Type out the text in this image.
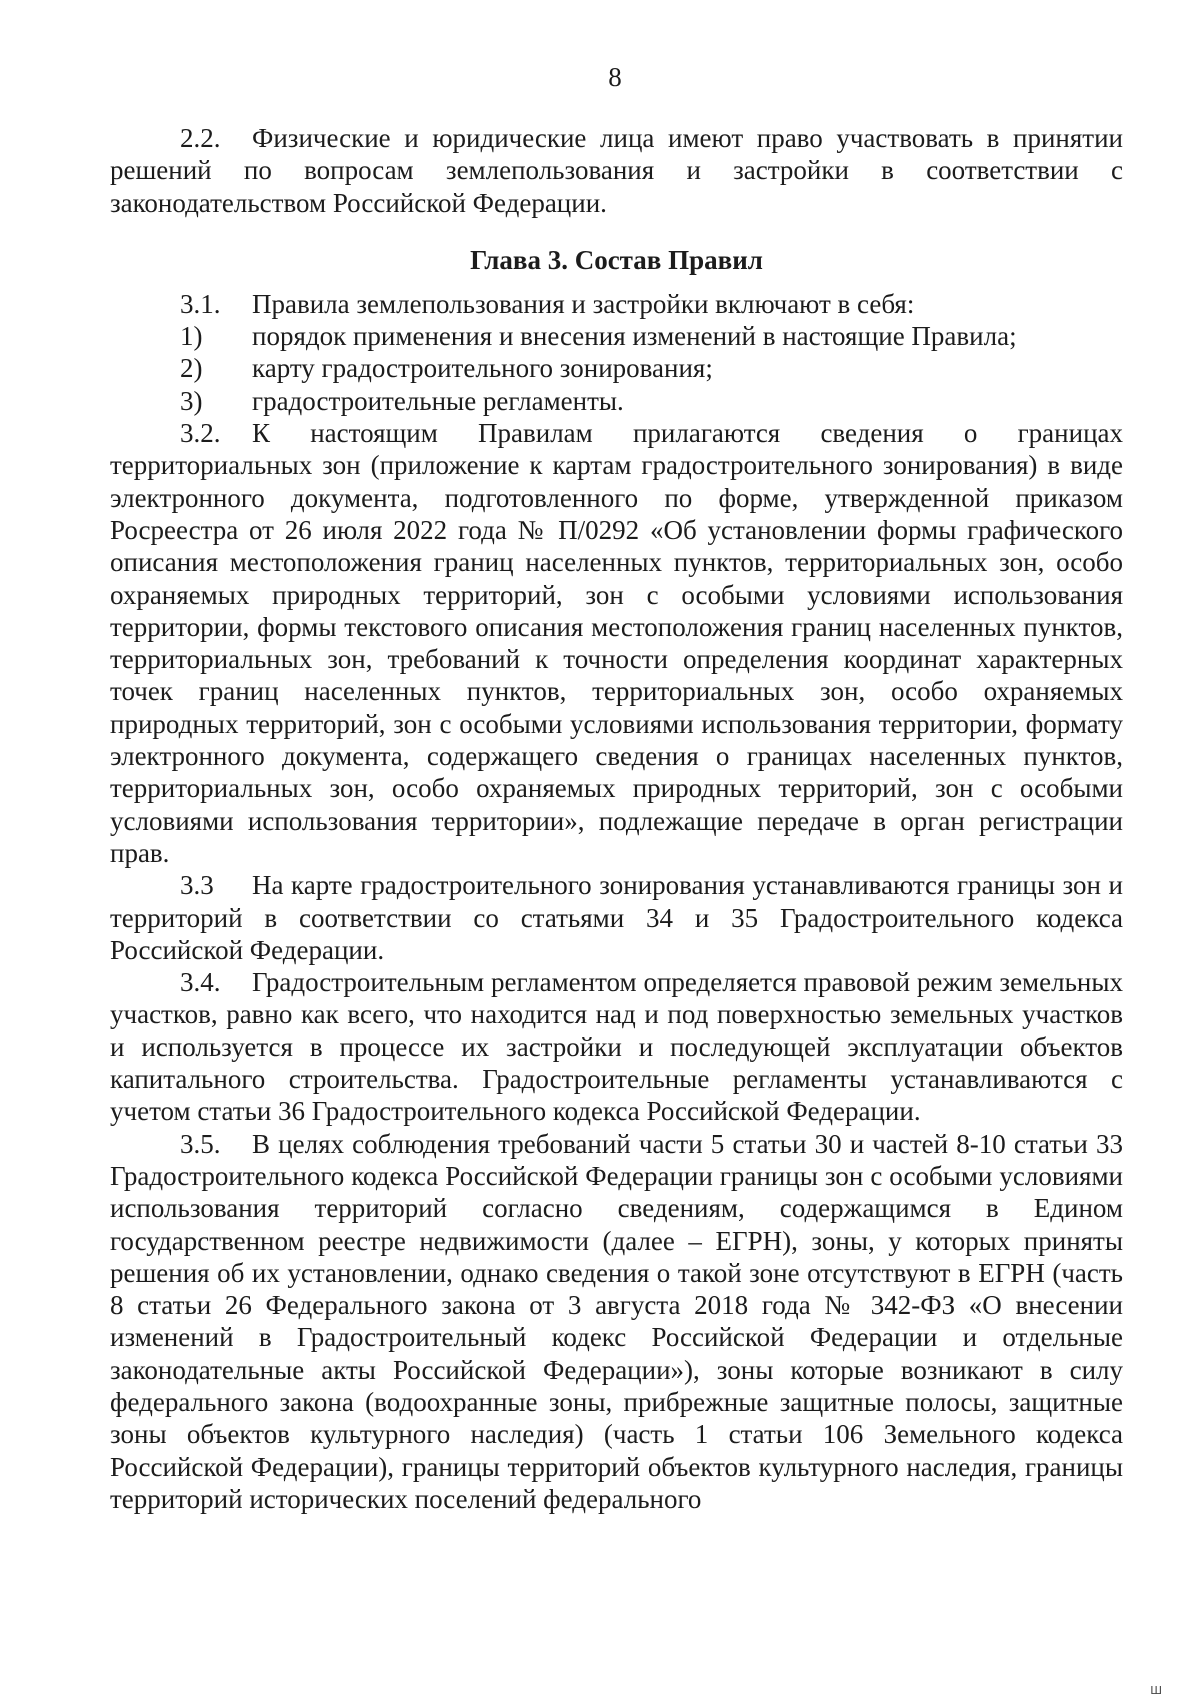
8

2.2. Физические и юридические лица имеют право участвовать в принятии решений по вопросам землепользования и застройки в соответствии с законодательством Российской Федерации.

Глава 3. Состав Правил

3.1. Правила землепользования и застройки включают в себя:

1) порядок применения и внесения изменений в настоящие Правила;

2) карту градостроительного зонирования;

3) градостроительные регламенты.

3.2. К настоящим Правилам прилагаются сведения о границах территориальных зон (приложение к картам градостроительного зонирования) в виде электронного документа, подготовленного по форме, утвержденной приказом Росреестра от 26 июля 2022 года № П/0292 «Об установлении формы графического описания местоположения границ населенных пунктов, территориальных зон, особо охраняемых природных территорий, зон с особыми условиями использования территории, формы текстового описания местоположения границ населенных пунктов, территориальных зон, требований к точности определения координат характерных точек границ населенных пунктов, территориальных зон, особо охраняемых природных территорий, зон с особыми условиями использования территории, формату электронного документа, содержащего сведения о границах населенных пунктов, территориальных зон, особо охраняемых природных территорий, зон с особыми условиями использования территории», подлежащие передаче в орган регистрации прав.

3.3 На карте градостроительного зонирования устанавливаются границы зон и территорий в соответствии со статьями 34 и 35 Градостроительного кодекса Российской Федерации.

3.4. Градостроительным регламентом определяется правовой режим земельных участков, равно как всего, что находится над и под поверхностью земельных участков и используется в процессе их застройки и последующей эксплуатации объектов капитального строительства. Градостроительные регламенты устанавливаются с учетом статьи 36 Градостроительного кодекса Российской Федерации.

3.5. В целях соблюдения требований части 5 статьи 30 и частей 8-10 статьи 33 Градостроительного кодекса Российской Федерации границы зон с особыми условиями использования территорий согласно сведениям, содержащимся в Едином государственном реестре недвижимости (далее – ЕГРН), зоны, у которых приняты решения об их установлении, однако сведения о такой зоне отсутствуют в ЕГРН (часть 8 статьи 26 Федерального закона от 3 августа 2018 года № 342-ФЗ «О внесении изменений в Градостроительный кодекс Российской Федерации и отдельные законодательные акты Российской Федерации»), зоны которые возникают в силу федерального закона (водоохранные зоны, прибрежные защитные полосы, защитные зоны объектов культурного наследия) (часть 1 статьи 106 Земельного кодекса Российской Федерации), границы территорий объектов культурного наследия, границы территорий исторических поселений федерального

Ш
